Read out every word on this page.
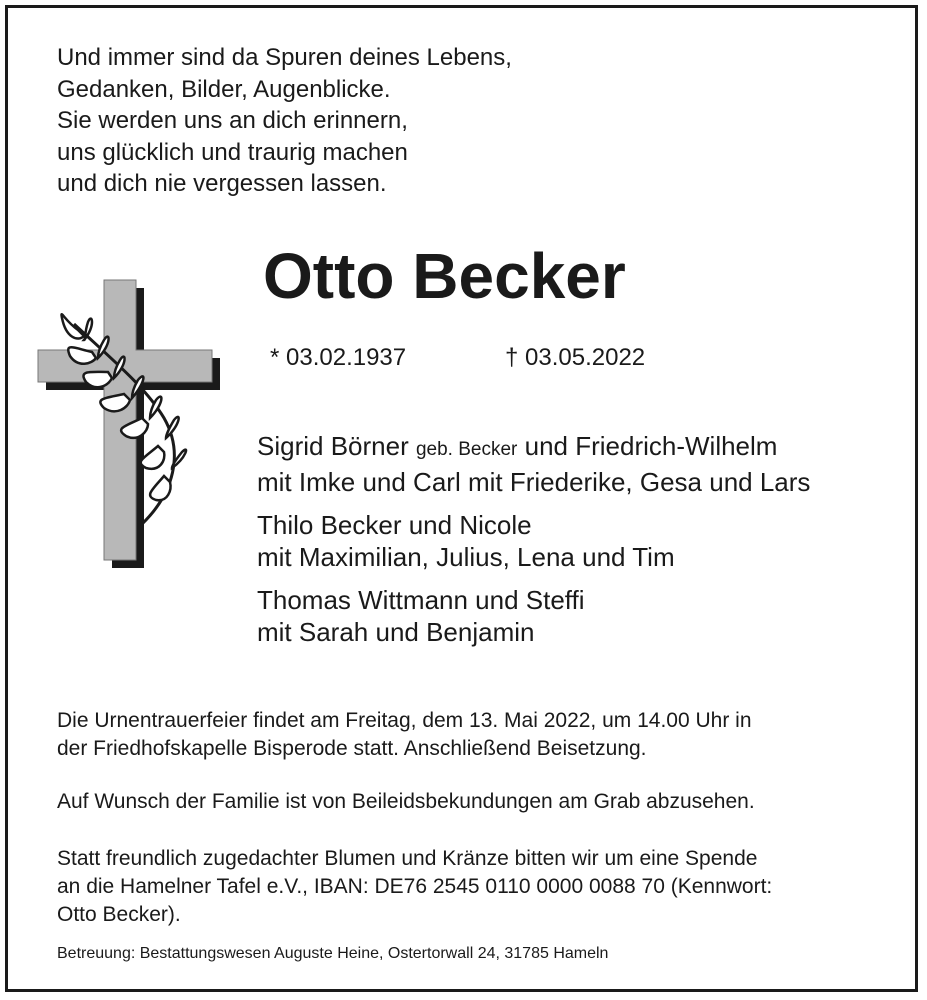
Und immer sind da Spuren deines Lebens,
Gedanken, Bilder, Augenblicke.
Sie werden uns an dich erinnern,
uns glücklich und traurig machen
und dich nie vergessen lassen.
Otto Becker
* 03.02.1937	† 03.05.2022
Sigrid Börner geb. Becker und Friedrich-Wilhelm
mit Imke und Carl mit Friederike, Gesa und Lars
Thilo Becker und Nicole
mit Maximilian, Julius, Lena und Tim
Thomas Wittmann und Steffi
mit Sarah und Benjamin
Die Urnentrauerfeier findet am Freitag, dem 13. Mai 2022, um 14.00 Uhr in
der Friedhofskapelle Bisperode statt. Anschließend Beisetzung.
Auf Wunsch der Familie ist von Beileidsbekundungen am Grab abzusehen.
Statt freundlich zugedachter Blumen und Kränze bitten wir um eine Spende
an die Hamelner Tafel e.V., IBAN: DE76 2545 0110 0000 0088 70 (Kennwort:
Otto Becker).
Betreuung: Bestattungswesen Auguste Heine, Ostertorwall 24, 31785 Hameln
